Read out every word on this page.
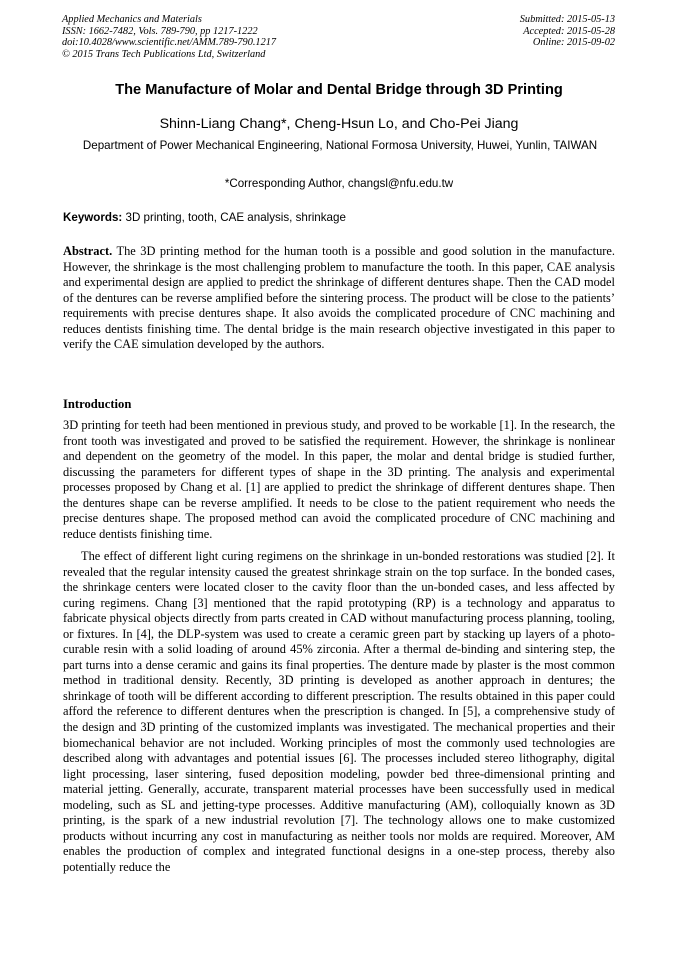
Applied Mechanics and Materials
ISSN: 1662-7482, Vols. 789-790, pp 1217-1222
doi:10.4028/www.scientific.net/AMM.789-790.1217
© 2015 Trans Tech Publications Ltd, Switzerland
Submitted: 2015-05-13
Accepted: 2015-05-28
Online: 2015-09-02
The Manufacture of Molar and Dental Bridge through 3D Printing
Shinn-Liang Chang*, Cheng-Hsun Lo, and Cho-Pei Jiang
Department of Power Mechanical Engineering, National Formosa University, Huwei, Yunlin, TAIWAN
*Corresponding Author, changsl@nfu.edu.tw
Keywords: 3D printing, tooth, CAE analysis, shrinkage

Abstract. The 3D printing method for the human tooth is a possible and good solution in the manufacture. However, the shrinkage is the most challenging problem to manufacture the tooth. In this paper, CAE analysis and experimental design are applied to predict the shrinkage of different dentures shape. Then the CAD model of the dentures can be reverse amplified before the sintering process. The product will be close to the patients’ requirements with precise dentures shape. It also avoids the complicated procedure of CNC machining and reduces dentists finishing time. The dental bridge is the main research objective investigated in this paper to verify the CAE simulation developed by the authors.

Introduction

3D printing for teeth had been mentioned in previous study, and proved to be workable [1]. In the research, the front tooth was investigated and proved to be satisfied the requirement. However, the shrinkage is nonlinear and dependent on the geometry of the model. In this paper, the molar and dental bridge is studied further, discussing the parameters for different types of shape in the 3D printing. The analysis and experimental processes proposed by Chang et al. [1] are applied to predict the shrinkage of different dentures shape. Then the dentures shape can be reverse amplified. It needs to be close to the patient requirement who needs the precise dentures shape. The proposed method can avoid the complicated procedure of CNC machining and reduce dentists finishing time.

The effect of different light curing regimens on the shrinkage in un-bonded restorations was studied [2]. It revealed that the regular intensity caused the greatest shrinkage strain on the top surface. In the bonded cases, the shrinkage centers were located closer to the cavity floor than the un-bonded cases, and less affected by curing regimens. Chang [3] mentioned that the rapid prototyping (RP) is a technology and apparatus to fabricate physical objects directly from parts created in CAD without manufacturing process planning, tooling, or fixtures. In [4], the DLP-system was used to create a ceramic green part by stacking up layers of a photo-curable resin with a solid loading of around 45% zirconia. After a thermal de-binding and sintering step, the part turns into a dense ceramic and gains its final properties. The denture made by plaster is the most common method in traditional density. Recently, 3D printing is developed as another approach in dentures; the shrinkage of tooth will be different according to different prescription. The results obtained in this paper could afford the reference to different dentures when the prescription is changed. In [5], a comprehensive study of the design and 3D printing of the customized implants was investigated. The mechanical properties and their biomechanical behavior are not included. Working principles of most the commonly used technologies are described along with advantages and potential issues [6]. The processes included stereo lithography, digital light processing, laser sintering, fused deposition modeling, powder bed three-dimensional printing and material jetting. Generally, accurate, transparent material processes have been successfully used in medical modeling, such as SL and jetting-type processes. Additive manufacturing (AM), colloquially known as 3D printing, is the spark of a new industrial revolution [7]. The technology allows one to make customized products without incurring any cost in manufacturing as neither tools nor molds are required. Moreover, AM enables the production of complex and integrated functional designs in a one-step process, thereby also potentially reduce the
